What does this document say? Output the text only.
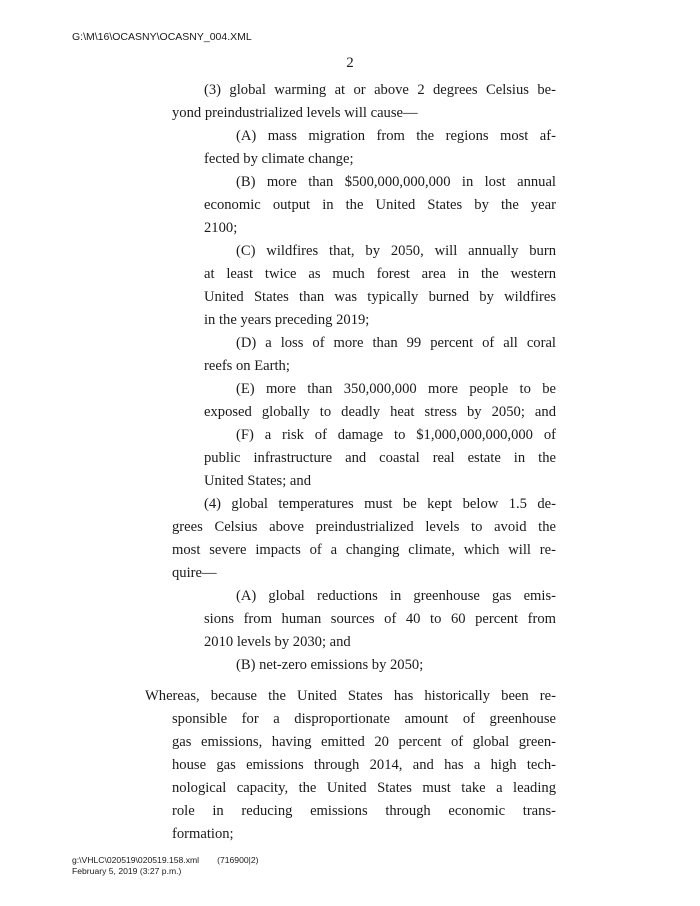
G:\M\16\OCASNY\OCASNY_004.XML
2
(3) global warming at or above 2 degrees Celsius be-
yond preindustrialized levels will cause—
(A) mass migration from the regions most af-
fected by climate change;
(B) more than $500,000,000,000 in lost annual
economic output in the United States by the year
2100;
(C) wildfires that, by 2050, will annually burn
at least twice as much forest area in the western
United States than was typically burned by wildfires
in the years preceding 2019;
(D) a loss of more than 99 percent of all coral
reefs on Earth;
(E) more than 350,000,000 more people to be
exposed globally to deadly heat stress by 2050; and
(F) a risk of damage to $1,000,000,000,000 of
public infrastructure and coastal real estate in the
United States; and
(4) global temperatures must be kept below 1.5 de-
grees Celsius above preindustrialized levels to avoid the
most severe impacts of a changing climate, which will re-
quire—
(A) global reductions in greenhouse gas emis-
sions from human sources of 40 to 60 percent from
2010 levels by 2030; and
(B) net-zero emissions by 2050;
Whereas, because the United States has historically been re-
sponsible for a disproportionate amount of greenhouse
gas emissions, having emitted 20 percent of global green-
house gas emissions through 2014, and has a high tech-
nological capacity, the United States must take a leading
role in reducing emissions through economic trans-
formation;
g:\VHLC\020519\020519.158.xml (716900|2)
February 5, 2019 (3:27 p.m.)
